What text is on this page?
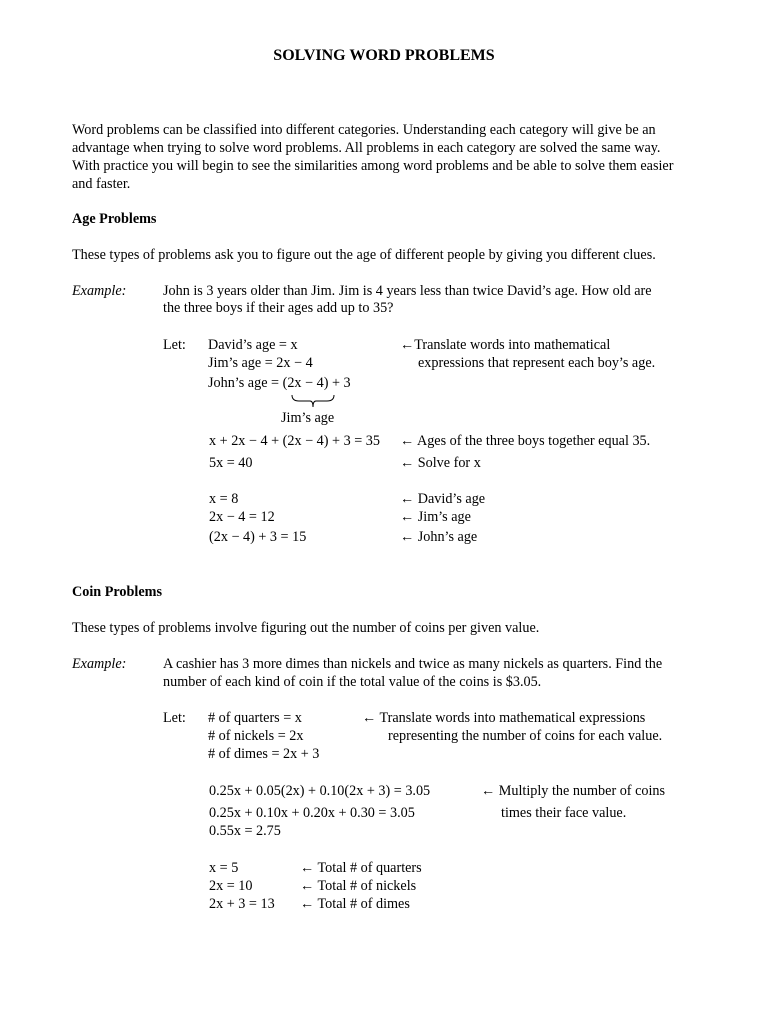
SOLVING WORD PROBLEMS
Word problems can be classified into different categories. Understanding each category will give be an
advantage when trying to solve word problems. All problems in each category are solved the same way.
With practice you will begin to see the similarities among word problems and be able to solve them easier
and faster.
Age Problems
These types of problems ask you to figure out the age of different people by giving you different clues.
Example:	John is 3 years older than Jim. Jim is 4 years less than twice David’s age. How old are
the three boys if their ages add up to 35?
Let: David’s age = x
Jim’s age = 2x − 4
John’s age = (2x − 4) + 3
←Translate words into mathematical
expressions that represent each boy’s age.
Jim’s age
x + 2x − 4 + (2x − 4) + 3 = 35 ← Ages of the three boys together equal 35.
5x = 40	← Solve for x
x = 8	← David’s age
2x − 4 = 12	← Jim’s age
(2x − 4) + 3 = 15	← John’s age
Coin Problems
These types of problems involve figuring out the number of coins per given value.
Example:	A cashier has 3 more dimes than nickels and twice as many nickels as quarters. Find the
number of each kind of coin if the total value of the coins is $3.05.
Let: # of quarters = x
# of nickels = 2x
# of dimes = 2x + 3
← Translate words into mathematical expressions
representing the number of coins for each value.
0.25x + 0.05(2x) + 0.10(2x + 3) = 3.05
0.25x + 0.10x + 0.20x + 0.30 = 3.05
0.55x = 2.75
← Multiply the number of coins
times their face value.
x = 5	← Total # of quarters
2x = 10	← Total # of nickels
2x + 3 = 13 ← Total # of dimes
